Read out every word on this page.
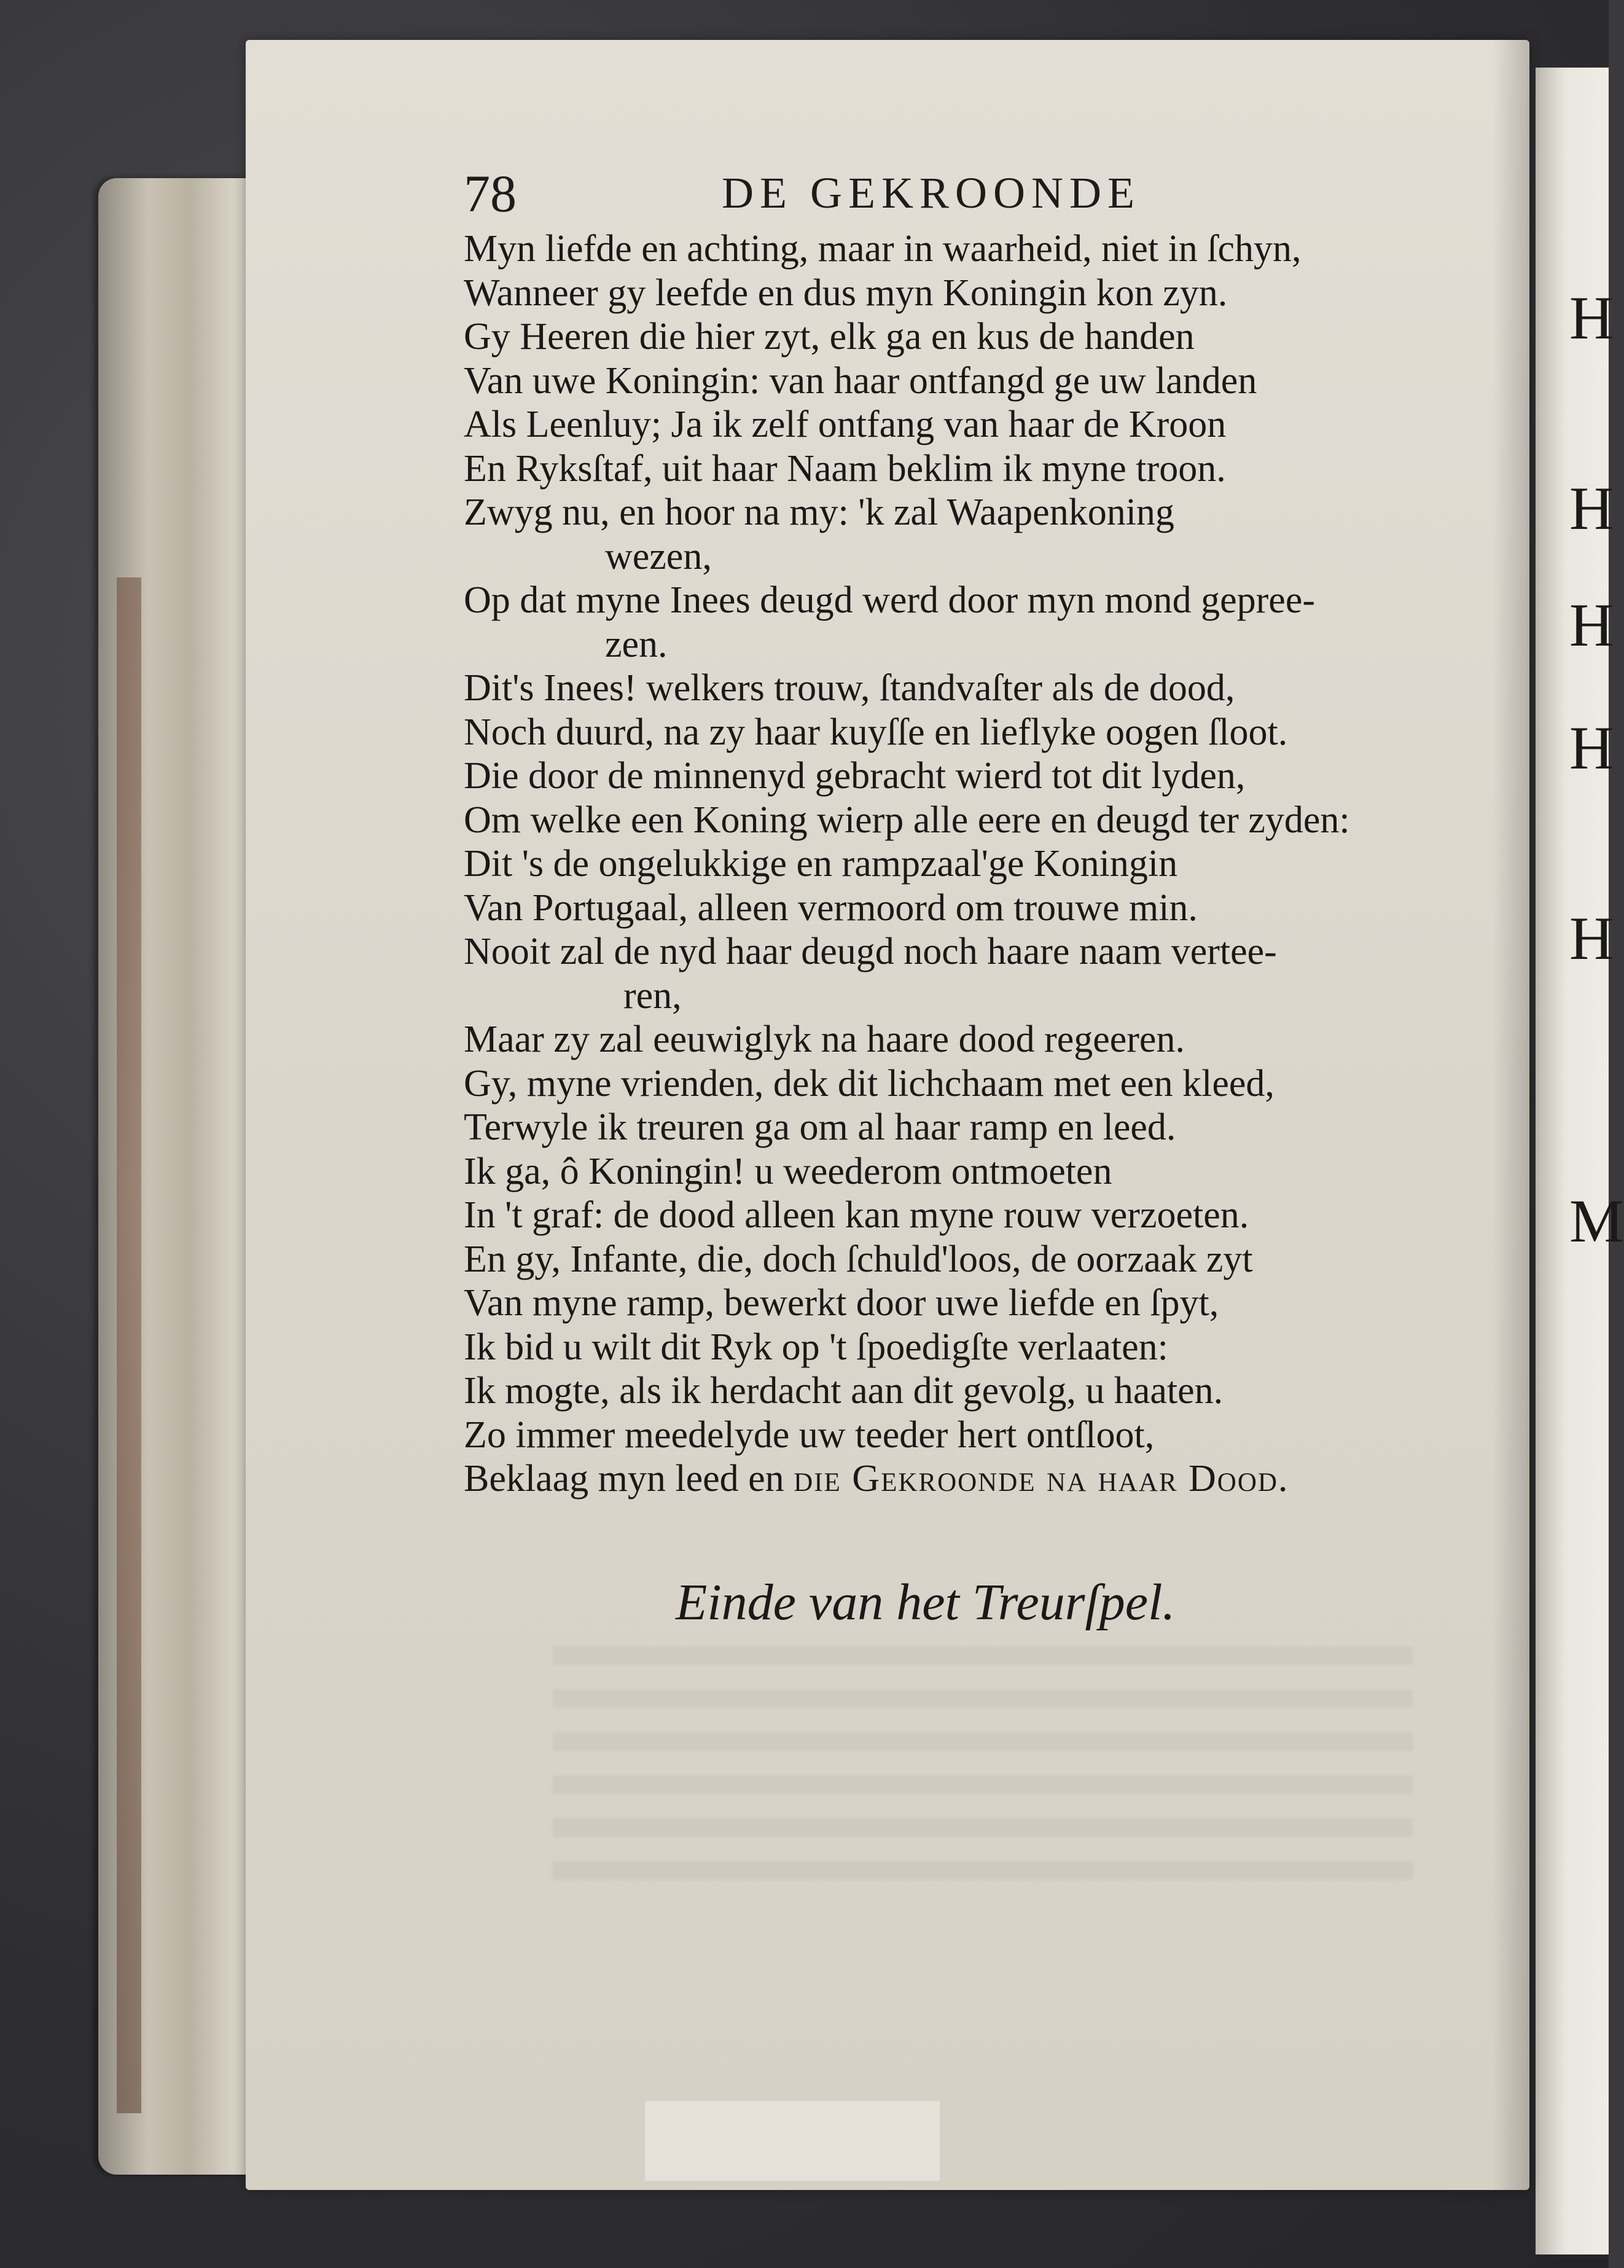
H
H
H
H
H
M
78	DE GEKROONDE
Myn liefde en achting, maar in waarheid, niet in ſchyn,
Wanneer gy leefde en dus myn Koningin kon zyn.
Gy Heeren die hier zyt, elk ga en kus de handen
Van uwe Koningin: van haar ontfangd ge uw landen
Als Leenluy; Ja ik zelf ontfang van haar de Kroon
En Ryksſtaf, uit haar Naam beklim ik myne troon.
Zwyg nu, en hoor na my: 'k zal Waapenkoning
wezen,
Op dat myne Inees deugd werd door myn mond gepree-
zen.
Dit's Inees! welkers trouw, ſtandvaſter als de dood,
Noch duurd, na zy haar kuyſſe en lieflyke oogen ſloot.
Die door de minnenyd gebracht wierd tot dit lyden,
Om welke een Koning wierp alle eere en deugd ter zyden:
Dit 's de ongelukkige en rampzaal'ge Koningin
Van Portugaal, alleen vermoord om trouwe min.
Nooit zal de nyd haar deugd noch haare naam vertee-
ren,
Maar zy zal eeuwiglyk na haare dood regeeren.
Gy, myne vrienden, dek dit lichchaam met een kleed,
Terwyle ik treuren ga om al haar ramp en leed.
Ik ga, ô Koningin! u weederom ontmoeten
In 't graf: de dood alleen kan myne rouw verzoeten.
En gy, Infante, die, doch ſchuld'loos, de oorzaak zyt
Van myne ramp, bewerkt door uwe liefde en ſpyt,
Ik bid u wilt dit Ryk op 't ſpoedigſte verlaaten:
Ik mogte, als ik herdacht aan dit gevolg, u haaten.
Zo immer meedelyde uw teeder hert ontſloot,
Beklaag myn leed en die Gekroonde na haar Dood.
Einde van het Treurſpel.
